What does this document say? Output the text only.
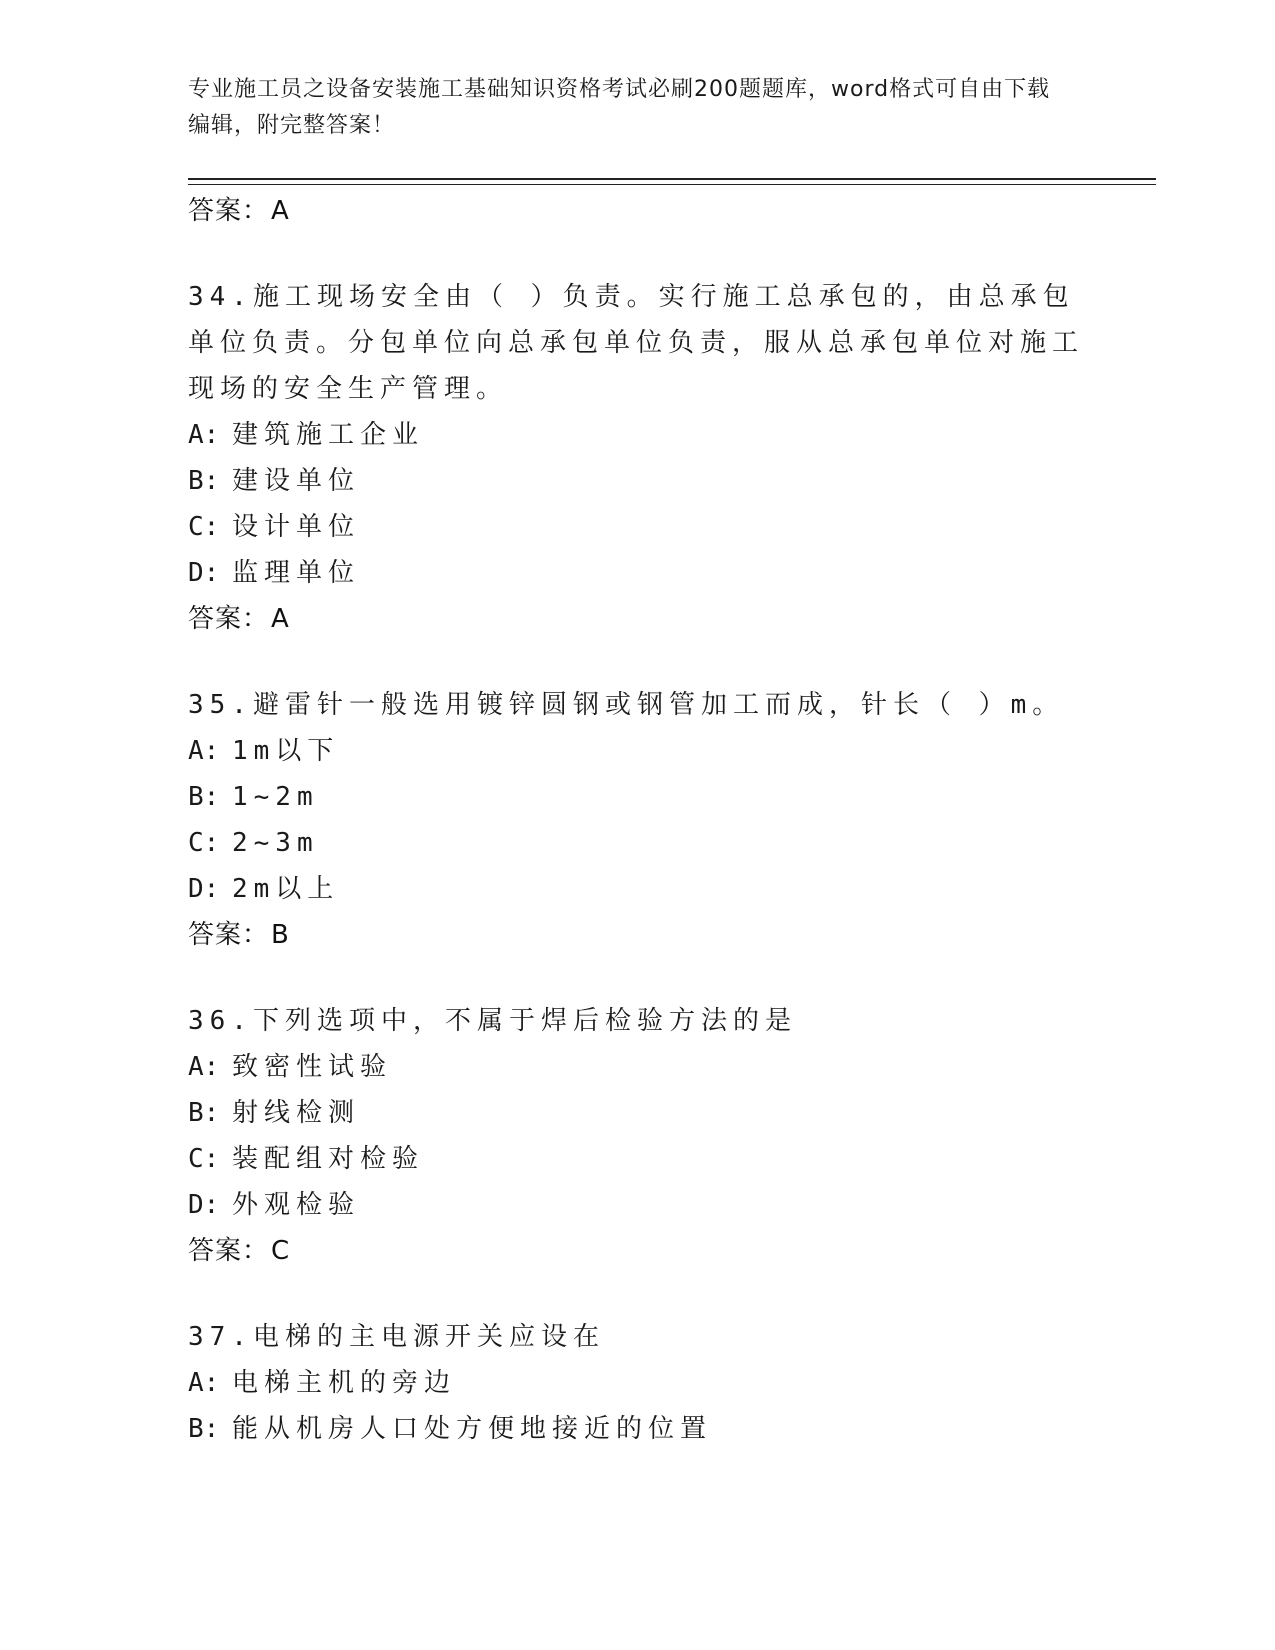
专业施工员之设备安装施工基础知识资格考试必刷200题题库，word格式可自由下载编辑，附完整答案！
答案：A

34.施工现场安全由（ ）负责。实行施工总承包的，由总承包单位负责。分包单位向总承包单位负责，服从总承包单位对施工现场的安全生产管理。

A: 建筑施工企业
B: 建设单位
C: 设计单位
D: 监理单位
答案：A

35.避雷针一般选用镀锌圆钢或钢管加工而成，针长（ ）m。

A: 1m以下
B: 1~2m
C: 2~3m
D: 2m以上
答案：B

36.下列选项中，不属于焊后检验方法的是

A: 致密性试验
B: 射线检测
C: 装配组对检验
D: 外观检验
答案：C

37.电梯的主电源开关应设在

A: 电梯主机的旁边
B: 能从机房人口处方便地接近的位置
